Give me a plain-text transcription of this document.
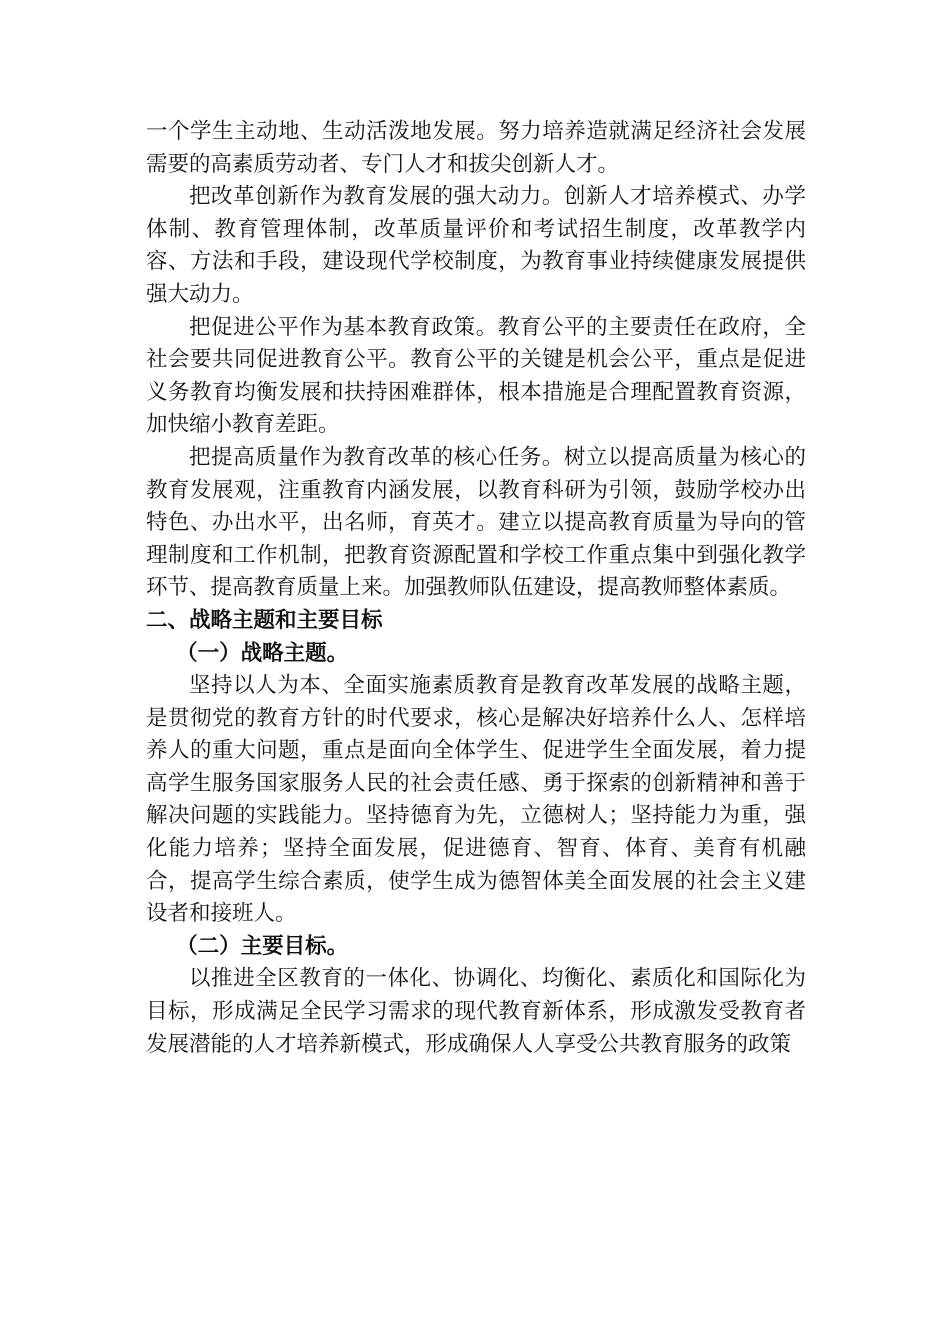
一个学生主动地、生动活泼地发展。努力培养造就满足经济社会发展需要的高素质劳动者、专门人才和拔尖创新人才。

把改革创新作为教育发展的强大动力。创新人才培养模式、办学体制、教育管理体制，改革质量评价和考试招生制度，改革教学内容、方法和手段，建设现代学校制度，为教育事业持续健康发展提供强大动力。

把促进公平作为基本教育政策。教育公平的主要责任在政府，全社会要共同促进教育公平。教育公平的关键是机会公平，重点是促进义务教育均衡发展和扶持困难群体，根本措施是合理配置教育资源，加快缩小教育差距。

把提高质量作为教育改革的核心任务。树立以提高质量为核心的教育发展观，注重教育内涵发展，以教育科研为引领，鼓励学校办出特色、办出水平，出名师，育英才。建立以提高教育质量为导向的管理制度和工作机制，把教育资源配置和学校工作重点集中到强化教学环节、提高教育质量上来。加强教师队伍建设，提高教师整体素质。

二、战略主题和主要目标

（一）战略主题。

坚持以人为本、全面实施素质教育是教育改革发展的战略主题，是贯彻党的教育方针的时代要求，核心是解决好培养什么人、怎样培养人的重大问题，重点是面向全体学生、促进学生全面发展，着力提高学生服务国家服务人民的社会责任感、勇于探索的创新精神和善于解决问题的实践能力。坚持德育为先，立德树人；坚持能力为重，强化能力培养；坚持全面发展，促进德育、智育、体育、美育有机融合，提高学生综合素质，使学生成为德智体美全面发展的社会主义建设者和接班人。

（二）主要目标。

以推进全区教育的一体化、协调化、均衡化、素质化和国际化为目标，形成满足全民学习需求的现代教育新体系，形成激发受教育者发展潜能的人才培养新模式，形成确保人人享受公共教育服务的政策
